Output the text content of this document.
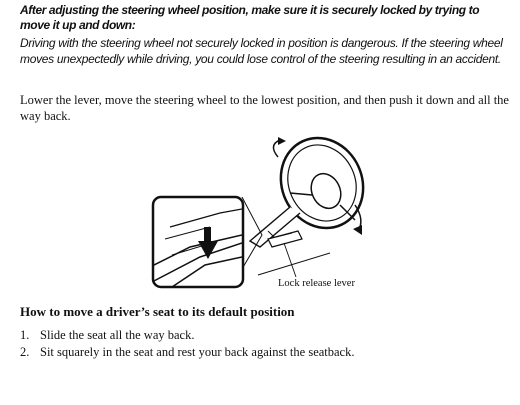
After adjusting the steering wheel position, make sure it is securely locked by trying to move it up and down:
Driving with the steering wheel not securely locked in position is dangerous. If the steering wheel moves unexpectedly while driving, you could lose control of the steering resulting in an accident.
Lower the lever, move the steering wheel to the lowest position, and then push it down and all the way back.
Lock release lever
How to move a driver’s seat to its default position
1. Slide the seat all the way back.
2. Sit squarely in the seat and rest your back against the seatback.
